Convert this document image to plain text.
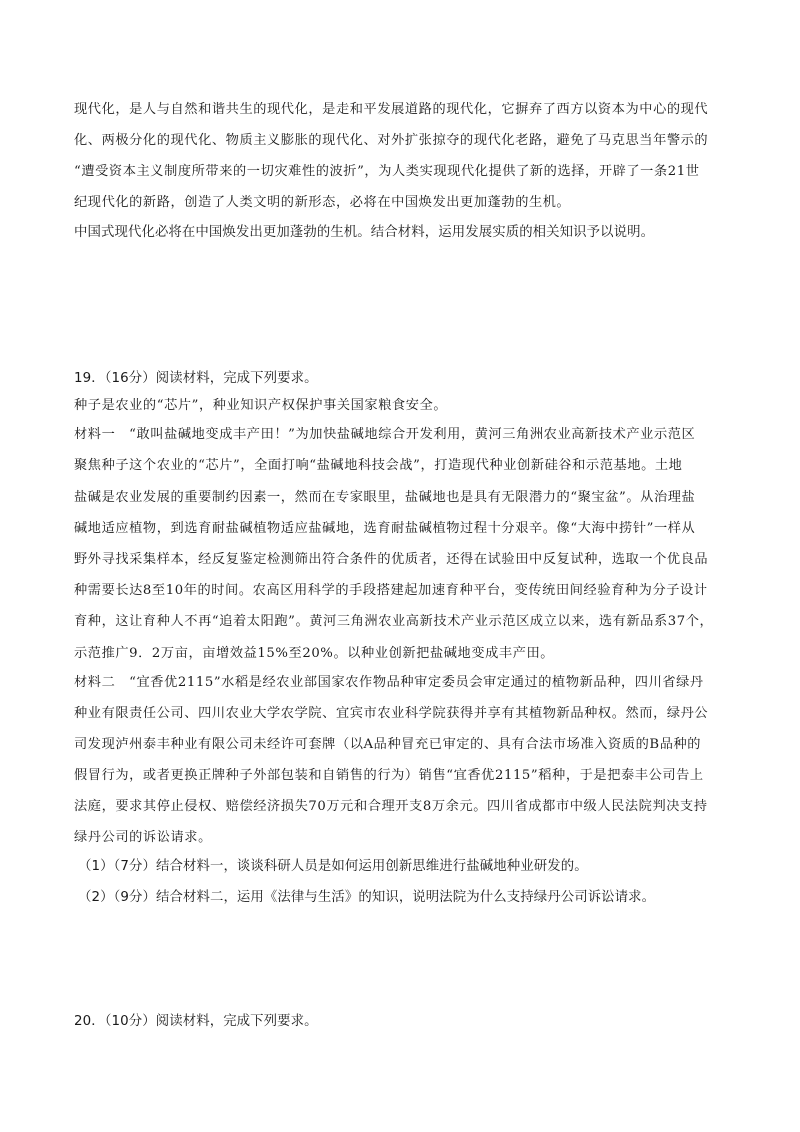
现代化，是人与自然和谐共生的现代化，是走和平发展道路的现代化，它摒弃了西方以资本为中心的现代
化、两极分化的现代化、物质主义膨胀的现代化、对外扩张掠夺的现代化老路，避免了马克思当年警示的
“遭受资本主义制度所带来的一切灾难性的波折”，为人类实现现代化提供了新的选择，开辟了一条21世
纪现代化的新路，创造了人类文明的新形态，必将在中国焕发出更加蓬勃的生机。
中国式现代化必将在中国焕发出更加蓬勃的生机。结合材料，运用发展实质的相关知识予以说明。
19．（16分）阅读材料，完成下列要求。
种子是农业的“芯片”，种业知识产权保护事关国家粮食安全。
材料一　“敢叫盐碱地变成丰产田！”为加快盐碱地综合开发利用，黄河三角洲农业高新技术产业示范区
聚焦种子这个农业的“芯片”，全面打响“盐碱地科技会战”，打造现代种业创新硅谷和示范基地。土地
盐碱是农业发展的重要制约因素一，然而在专家眼里，盐碱地也是具有无限潜力的“聚宝盆”。从治理盐
碱地适应植物，到选育耐盐碱植物适应盐碱地，选育耐盐碱植物过程十分艰辛。像“大海中捞针”一样从
野外寻找采集样本，经反复鉴定检测筛出符合条件的优质者，还得在试验田中反复试种，选取一个优良品
种需要长达8至10年的时间。农高区用科学的手段搭建起加速育种平台，变传统田间经验育种为分子设计
育种，这让育种人不再“追着太阳跑”。黄河三角洲农业高新技术产业示范区成立以来，选有新品系37个，
示范推广9．2万亩，亩增效益15%至20%。以种业创新把盐碱地变成丰产田。
材料二　“宜香优2115”水稻是经农业部国家农作物品种审定委员会审定通过的植物新品种，四川省绿丹
种业有限责任公司、四川农业大学农学院、宜宾市农业科学院获得并享有其植物新品种权。然而，绿丹公
司发现泸州泰丰种业有限公司未经许可套牌（以A品种冒充已审定的、具有合法市场准入资质的B品种的
假冒行为，或者更换正牌种子外部包装和自销售的行为）销售“宜香优2115”稻种，于是把泰丰公司告上
法庭，要求其停止侵权、赔偿经济损失70万元和合理开支8万余元。四川省成都市中级人民法院判决支持
绿丹公司的诉讼请求。
（1）（7分）结合材料一，谈谈科研人员是如何运用创新思维进行盐碱地种业研发的。
（2）（9分）结合材料二，运用《法律与生活》的知识，说明法院为什么支持绿丹公司诉讼请求。
20．（10分）阅读材料，完成下列要求。
